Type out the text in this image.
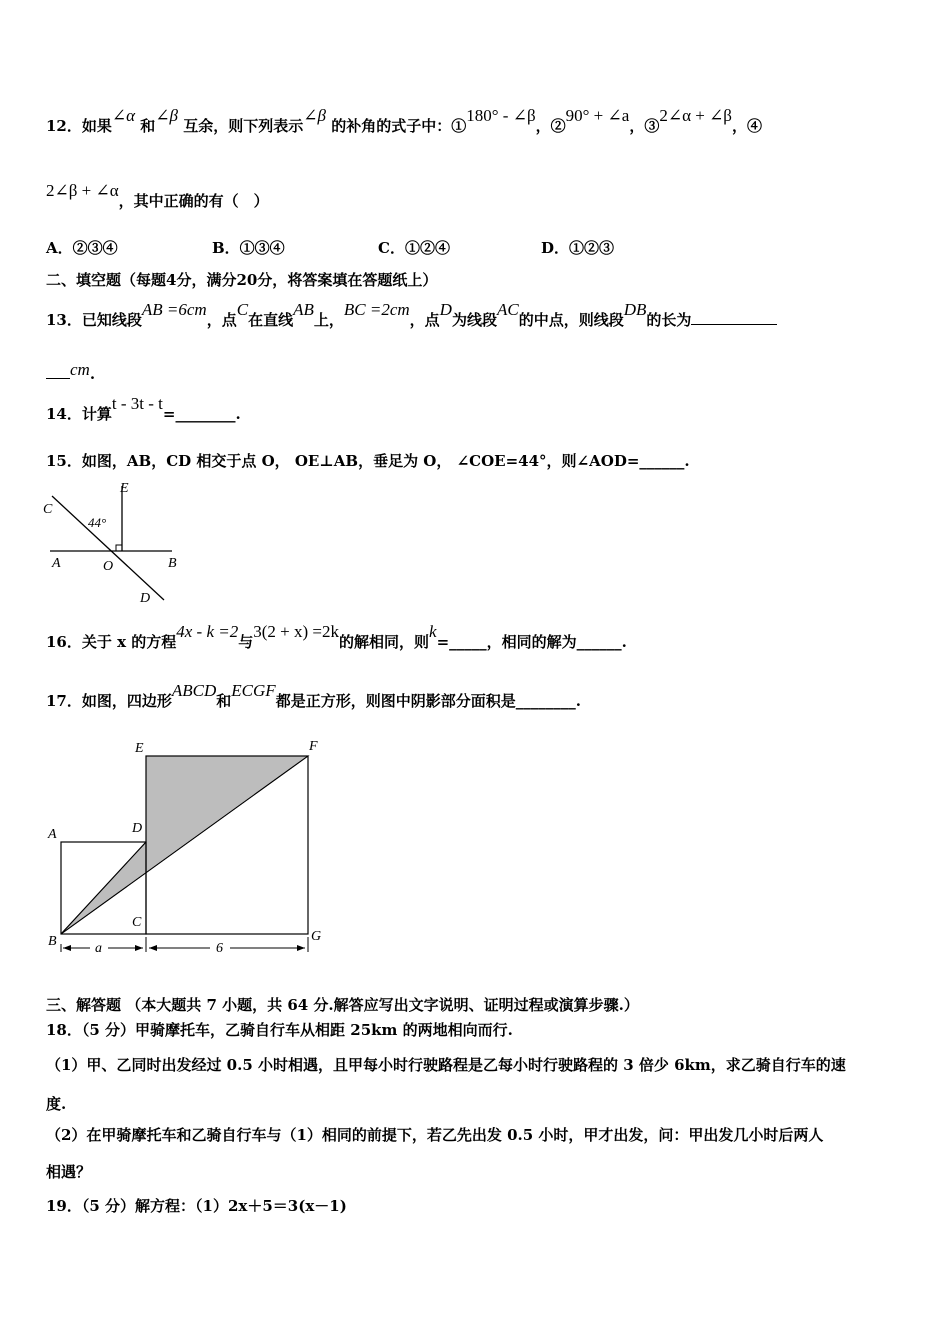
12．如果∠α 和∠β 互余，则下列表示∠β 的补角的式子中：①180° - ∠β，②90° + ∠a，③2∠α + ∠β，④
2∠β + ∠α，其中正确的有（　）
A．②③④	B．①③④	C．①②④	D．①②③
二、填空题（每题4分，满分20分，将答案填在答题纸上）
13．已知线段AB =6cm，点C在直线AB上，BC =2cm，点D为线段AC的中点，则线段DB的长为
cm.
14．计算t - 3t - t=________.
15．如图，AB，CD 相交于点 O， OE⊥AB，垂足为 O， ∠COE=44°，则∠AOD=______.
E
C
44°
A	O	B
D
16．关于 x 的方程4x - k =2与3(2 + x) =2k的解相同，则k=_____，相同的解为______.
17．如图，四边形ABCD和ECGF都是正方形，则图中阴影部分面积是________.
E	F
A	D
C
B	G
a	6
三、解答题 （本大题共 7 小题，共 64 分.解答应写出文字说明、证明过程或演算步骤.）
18．（5 分）甲骑摩托车，乙骑自行车从相距 25km 的两地相向而行.
（1）甲、乙同时出发经过 0.5 小时相遇，且甲每小时行驶路程是乙每小时行驶路程的 3 倍少 6km，求乙骑自行车的速
度.
（2）在甲骑摩托车和乙骑自行车与（1）相同的前提下，若乙先出发 0.5 小时，甲才出发，问：甲出发几小时后两人
相遇？
19．（5 分）解方程：（1）2x＋5＝3(x－1)
